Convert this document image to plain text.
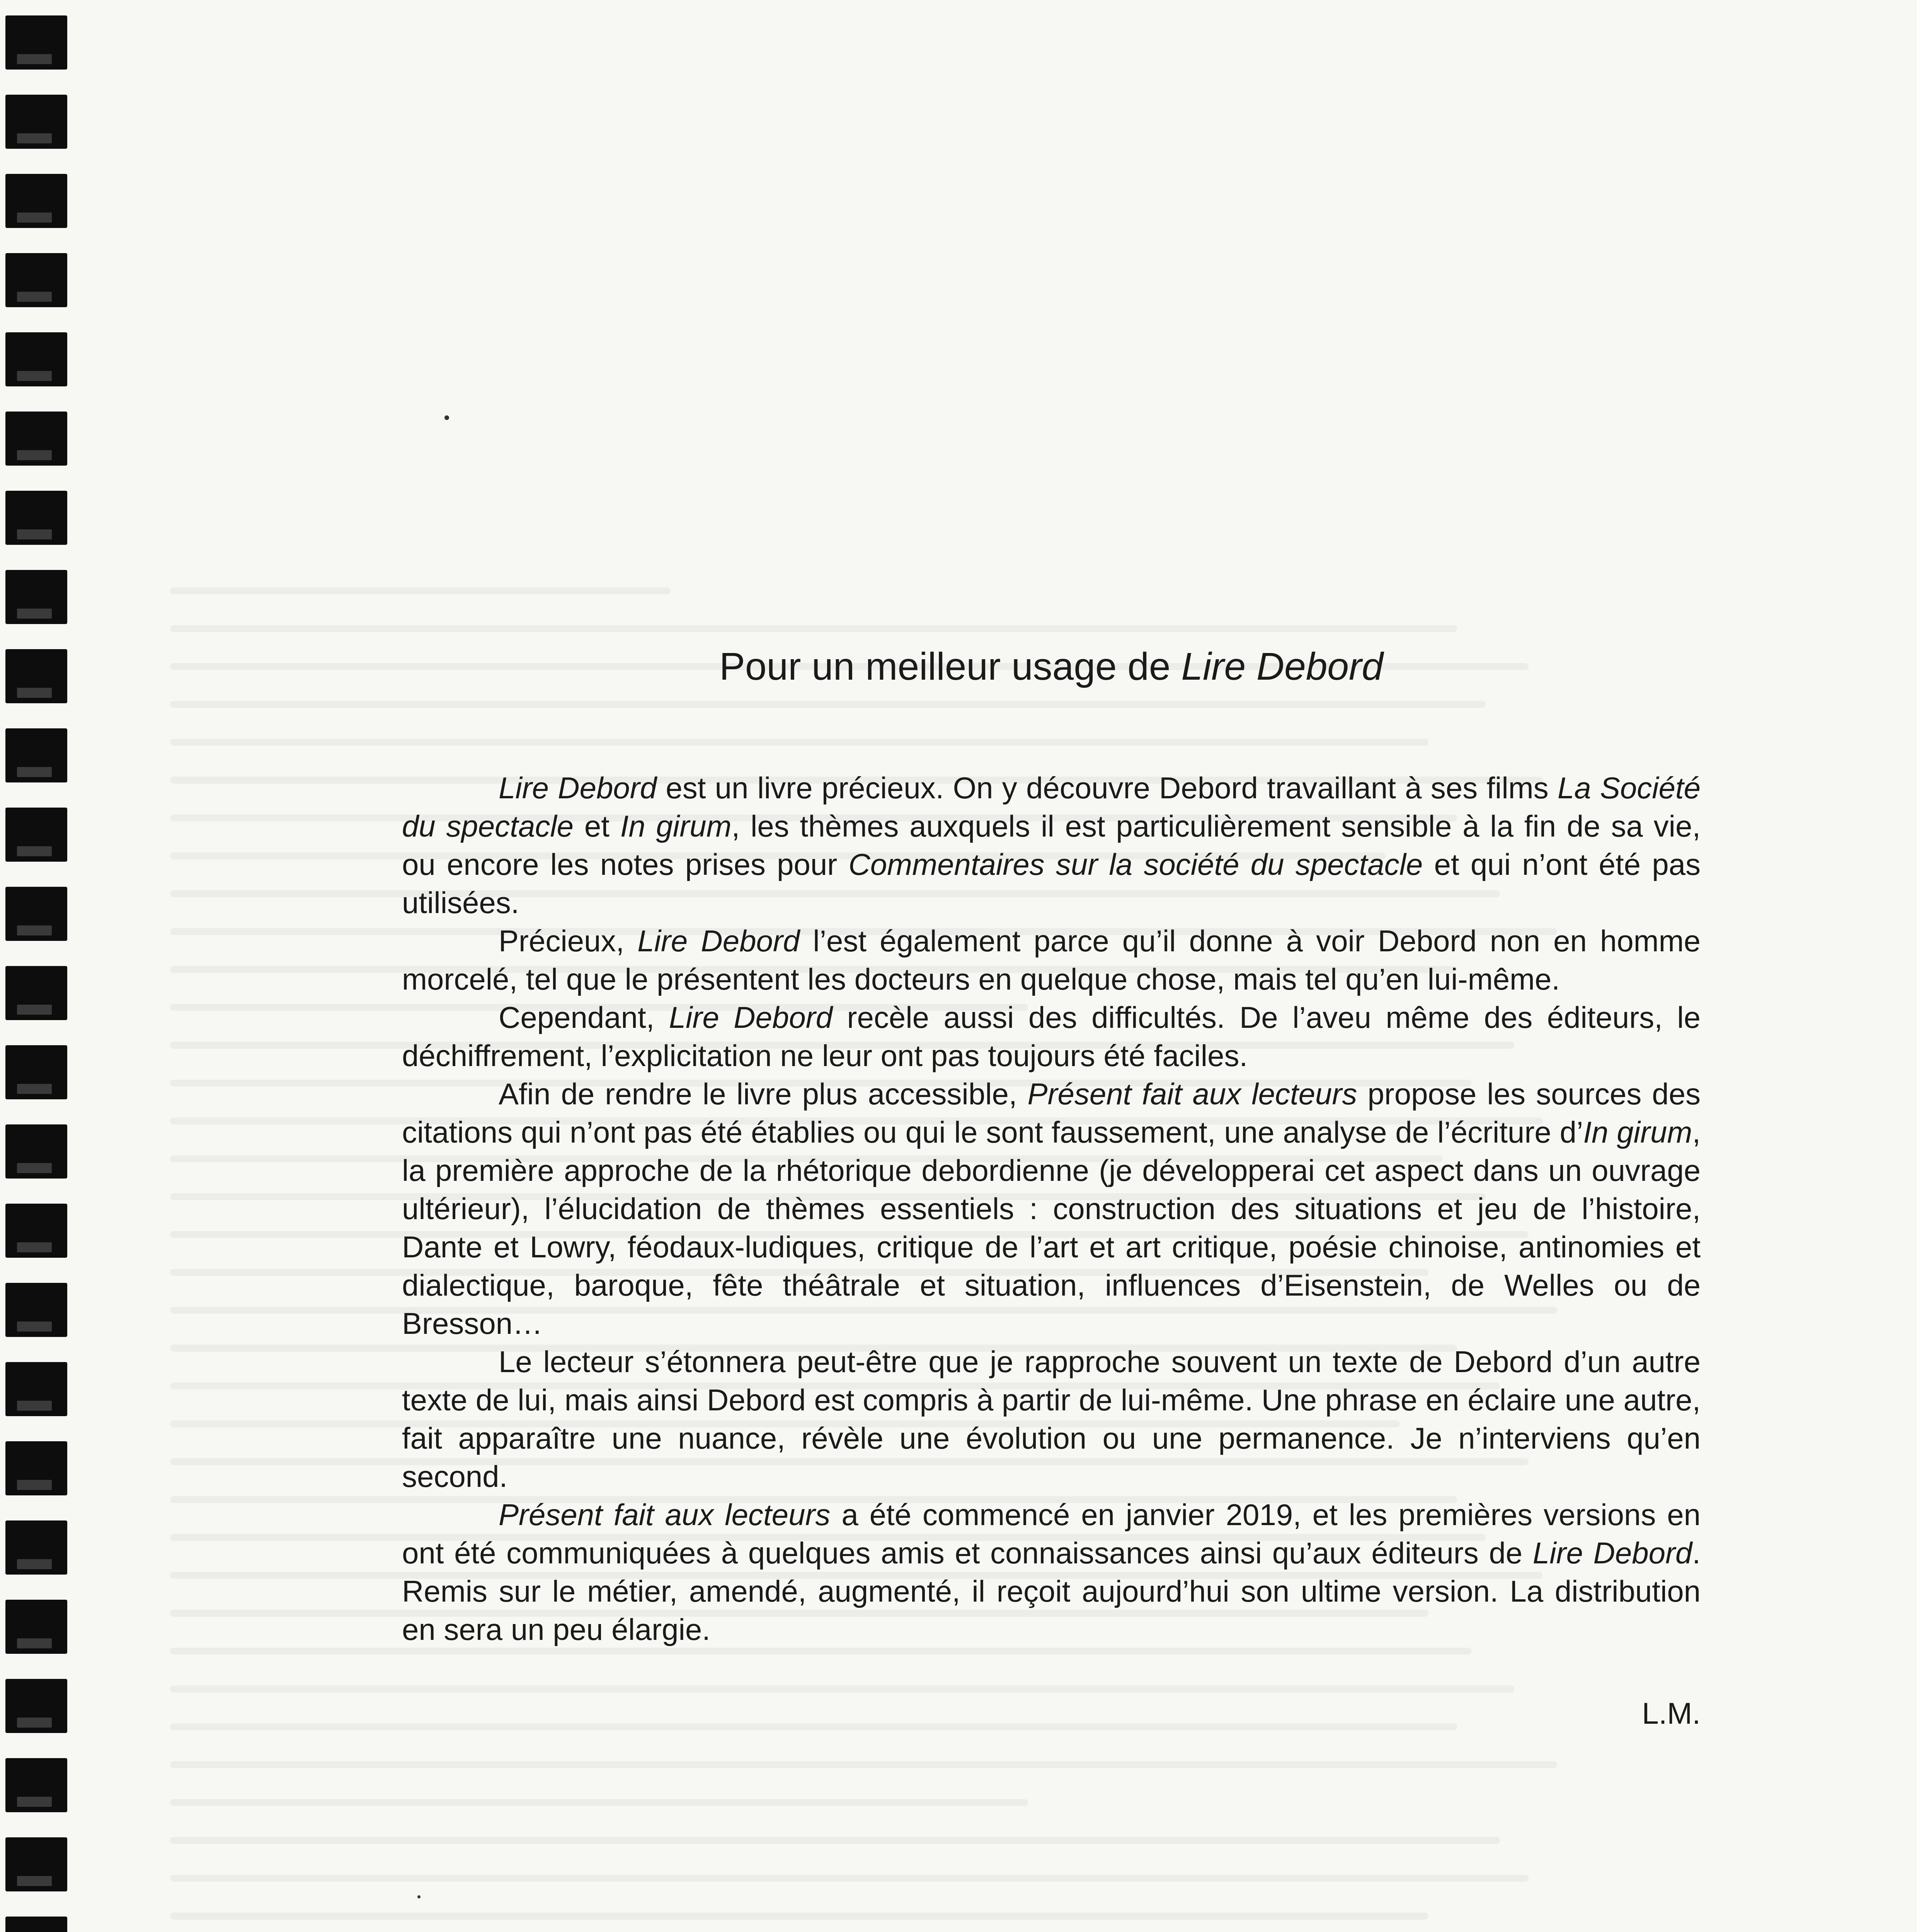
Pour un meilleur usage de Lire Debord

Lire Debord est un livre précieux. On y découvre Debord travaillant à ses films La Société du spectacle et In girum, les thèmes auxquels il est particulièrement sensible à la fin de sa vie, ou encore les notes prises pour Commentaires sur la société du spectacle et qui n’ont été pas utilisées.

Précieux, Lire Debord l’est également parce qu’il donne à voir Debord non en homme morcelé, tel que le présentent les docteurs en quelque chose, mais tel qu’en lui-même.

Cependant, Lire Debord recèle aussi des difficultés. De l’aveu même des éditeurs, le déchiffrement, l’explicitation ne leur ont pas toujours été faciles.

Afin de rendre le livre plus accessible, Présent fait aux lecteurs propose les sources des citations qui n’ont pas été établies ou qui le sont faussement, une analyse de l’écriture d’In girum, la première approche de la rhétorique debordienne (je développerai cet aspect dans un ouvrage ultérieur), l’élucidation de thèmes essentiels : construction des situations et jeu de l’histoire, Dante et Lowry, féodaux-ludiques, critique de l’art et art critique, poésie chinoise, antinomies et dialectique, baroque, fête théâtrale et situation, influences d’Eisenstein, de Welles ou de Bresson…

Le lecteur s’étonnera peut-être que je rapproche souvent un texte de Debord d’un autre texte de lui, mais ainsi Debord est compris à partir de lui-même. Une phrase en éclaire une autre, fait apparaître une nuance, révèle une évolution ou une permanence. Je n’interviens qu’en second.

Présent fait aux lecteurs a été commencé en janvier 2019, et les premières versions en ont été communiquées à quelques amis et connaissances ainsi qu’aux éditeurs de Lire Debord. Remis sur le métier, amendé, augmenté, il reçoit aujourd’hui son ultime version. La distribution en sera un peu élargie.

L.M.
